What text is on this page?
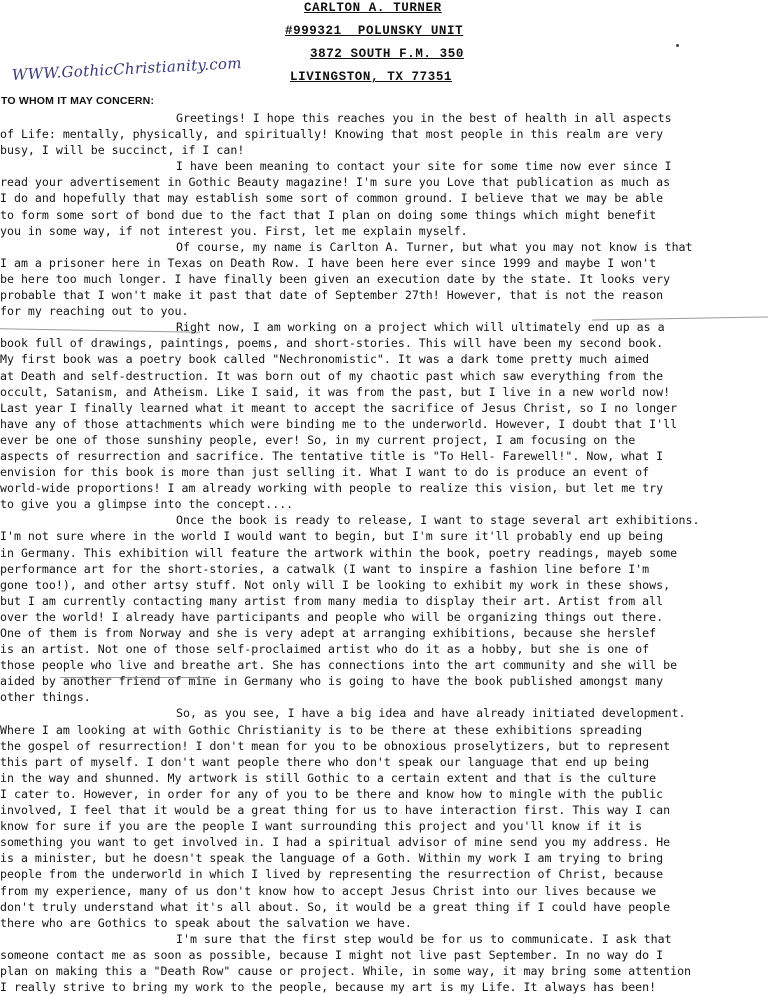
CARLTON A. TURNER
#999321  POLUNSKY UNIT
3872 SOUTH F.M. 350
LIVINGSTON, TX 77351
WWW.GothicChristianity.com
TO WHOM IT MAY CONCERN:
Greetings! I hope this reaches you in the best of health in all aspects
of Life: mentally, physically, and spiritually! Knowing that most people in this realm are very
busy, I will be succinct, if I can!
I have been meaning to contact your site for some time now ever since I
read your advertisement in Gothic Beauty magazine! I'm sure you Love that publication as much as
I do and hopefully that may establish some sort of common ground. I believe that we may be able
to form some sort of bond due to the fact that I plan on doing some things which might benefit
you in some way, if not interest you. First, let me explain myself.
Of course, my name is Carlton A. Turner, but what you may not know is that
I am a prisoner here in Texas on Death Row. I have been here ever since 1999 and maybe I won't
be here too much longer. I have finally been given an execution date by the state. It looks very
probable that I won't make it past that date of September 27th! However, that is not the reason
for my reaching out to you.
Right now, I am working on a project which will ultimately end up as a
book full of drawings, paintings, poems, and short-stories. This will have been my second book.
My first book was a poetry book called "Nechronomistic". It was a dark tome pretty much aimed
at Death and self-destruction. It was born out of my chaotic past which saw everything from the
occult, Satanism, and Atheism. Like I said, it was from the past, but I live in a new world now!
Last year I finally learned what it meant to accept the sacrifice of Jesus Christ, so I no longer
have any of those attachments which were binding me to the underworld. However, I doubt that I'll
ever be one of those sunshiny people, ever! So, in my current project, I am focusing on the
aspects of resurrection and sacrifice. The tentative title is "To Hell- Farewell!". Now, what I
envision for this book is more than just selling it. What I want to do is produce an event of
world-wide proportions! I am already working with people to realize this vision, but let me try
to give you a glimpse into the concept....
Once the book is ready to release, I want to stage several art exhibitions.
I'm not sure where in the world I would want to begin, but I'm sure it'll probably end up being
in Germany. This exhibition will feature the artwork within the book, poetry readings, mayeb some
performance art for the short-stories, a catwalk (I want to inspire a fashion line before I'm
gone too!), and other artsy stuff. Not only will I be looking to exhibit my work in these shows,
but I am currently contacting many artist from many media to display their art. Artist from all
over the world! I already have participants and people who will be organizing things out there.
One of them is from Norway and she is very adept at arranging exhibitions, because she herslef
is an artist. Not one of those self-proclaimed artist who do it as a hobby, but she is one of
those people who live and breathe art. She has connections into the art community and she will be
aided by another friend of mine in Germany who is going to have the book published amongst many
other things.
So, as you see, I have a big idea and have already initiated development.
Where I am looking at with Gothic Christianity is to be there at these exhibitions spreading
the gospel of resurrection! I don't mean for you to be obnoxious proselytizers, but to represent
this part of myself. I don't want people there who don't speak our language that end up being
in the way and shunned. My artwork is still Gothic to a certain extent and that is the culture
I cater to. However, in order for any of you to be there and know how to mingle with the public
involved, I feel that it would be a great thing for us to have interaction first. This way I can
know for sure if you are the people I want surrounding this project and you'll know if it is
something you want to get involved in. I had a spiritual advisor of mine send you my address. He
is a minister, but he doesn't speak the language of a Goth. Within my work I am trying to bring
people from the underworld in which I lived by representing the resurrection of Christ, because
from my experience, many of us don't know how to accept Jesus Christ into our lives because we
don't truly understand what it's all about. So, it would be a great thing if I could have people
there who are Gothics to speak about the salvation we have.
I'm sure that the first step would be for us to communicate. I ask that
someone contact me as soon as possible, because I might not live past September. In no way do I
plan on making this a "Death Row" cause or project. While, in some way, it may bring some attention
I really strive to bring my work to the people, because my art is my Life. It always has been!
